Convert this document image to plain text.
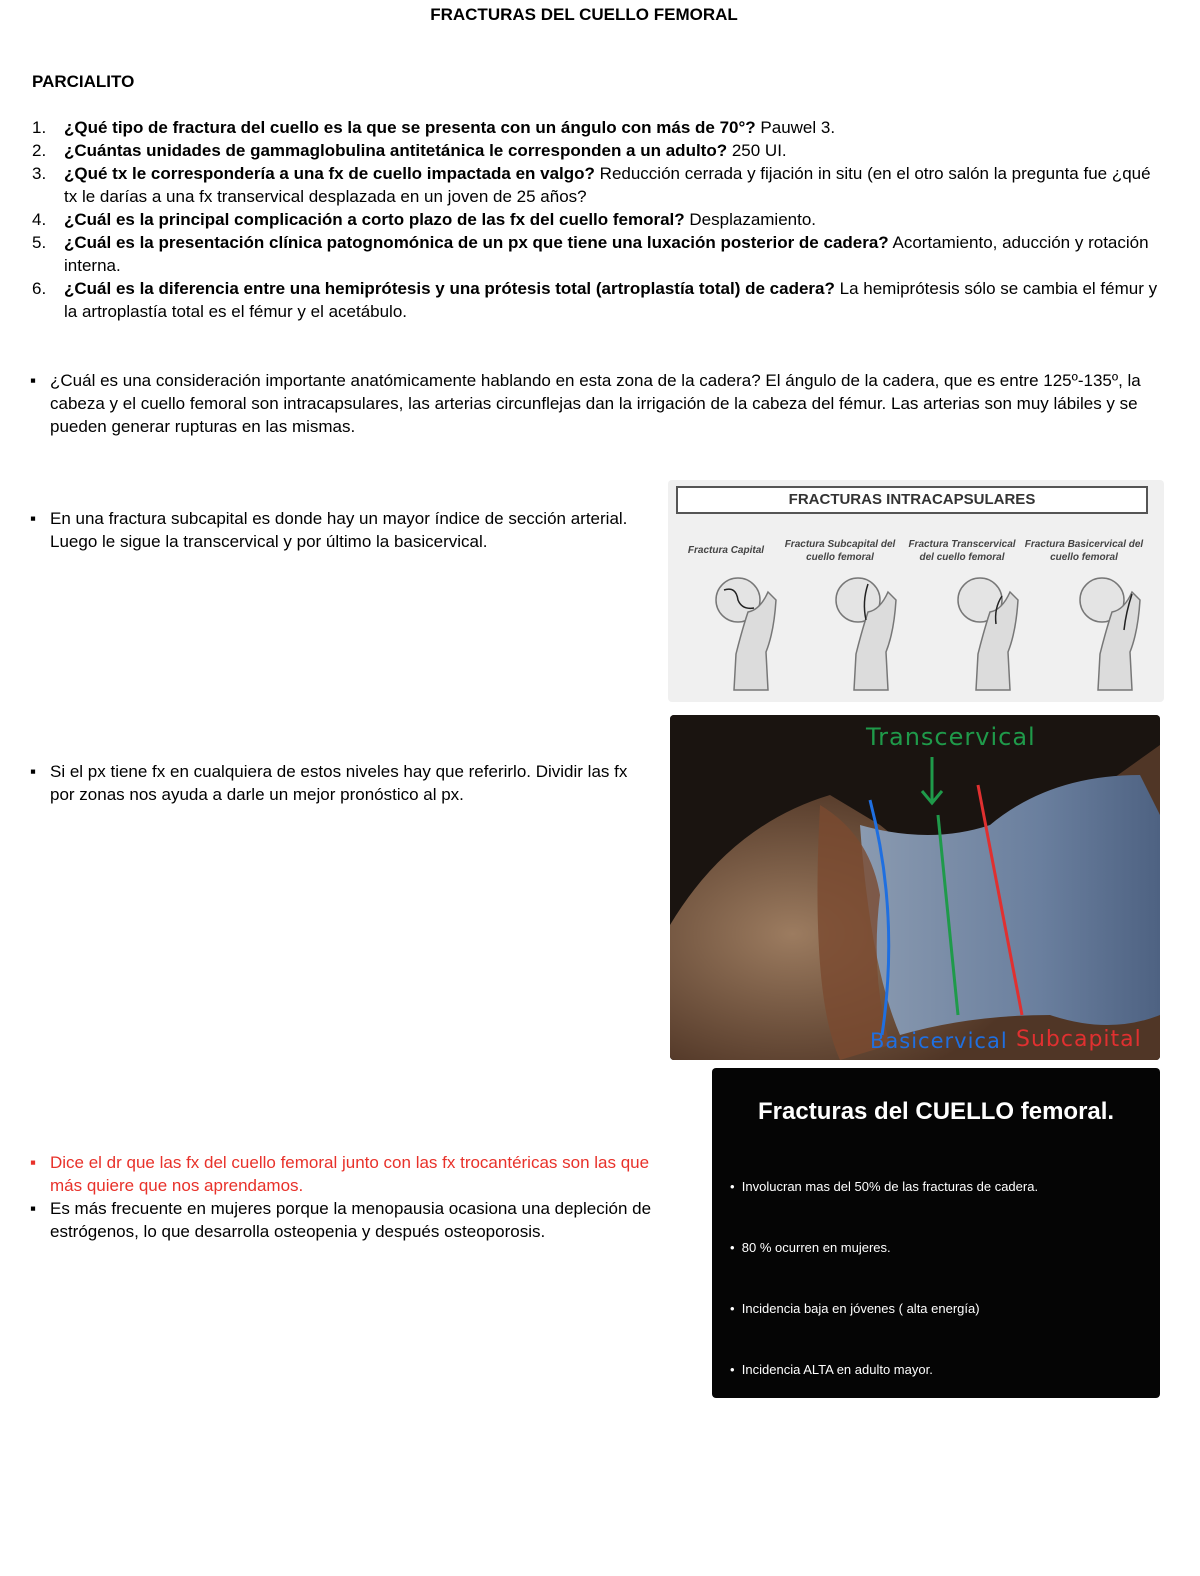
FRACTURAS DEL CUELLO FEMORAL
PARCIALITO
1. ¿Qué tipo de fractura del cuello es la que se presenta con un ángulo con más de 70°? Pauwel 3.
2. ¿Cuántas unidades de gammaglobulina antitetánica le corresponden a un adulto? 250 UI.
3. ¿Qué tx le correspondería a una fx de cuello impactada en valgo? Reducción cerrada y fijación in situ (en el otro salón la pregunta fue ¿qué tx le darías a una fx transervical desplazada en un joven de 25 años?
4. ¿Cuál es la principal complicación a corto plazo de las fx del cuello femoral? Desplazamiento.
5. ¿Cuál es la presentación clínica patognomónica de un px que tiene una luxación posterior de cadera? Acortamiento, aducción y rotación interna.
6. ¿Cuál es la diferencia entre una hemiprótesis y una prótesis total (artroplastía total) de cadera? La hemiprótesis sólo se cambia el fémur y la artroplastía total es el fémur y el acetábulo.
▪ ¿Cuál es una consideración importante anatómicamente hablando en esta zona de la cadera? El ángulo de la cadera, que es entre 125º-135º, la cabeza y el cuello femoral son intracapsulares, las arterias circunflejas dan la irrigación de la cabeza del fémur. Las arterias son muy lábiles y se pueden generar rupturas en las mismas.
▪ En una fractura subcapital es donde hay un mayor índice de sección arterial. Luego le sigue la transcervical y por último la basicervical.
▪ Si el px tiene fx en cualquiera de estos niveles hay que referirlo. Dividir las fx por zonas nos ayuda a darle un mejor pronóstico al px.
▪ Dice el dr que las fx del cuello femoral junto con las fx trocantéricas son las que más quiere que nos aprendamos.
▪ Es más frecuente en mujeres porque la menopausia ocasiona una depleción de estrógenos, lo que desarrolla osteopenia y después osteoporosis.
FRACTURAS INTRACAPSULARES
Fractura Capital
Fractura Subcapital del cuello femoral
Fractura Transcervical del cuello femoral
Fractura Basicervical del cuello femoral
Transcervical
Basicervical Subcapital
Fracturas del CUELLO femoral.
• Involucran mas del 50% de las fracturas de cadera.
• 80 % ocurren en mujeres.
• Incidencia baja en jóvenes ( alta energía)
• Incidencia ALTA en adulto mayor.
